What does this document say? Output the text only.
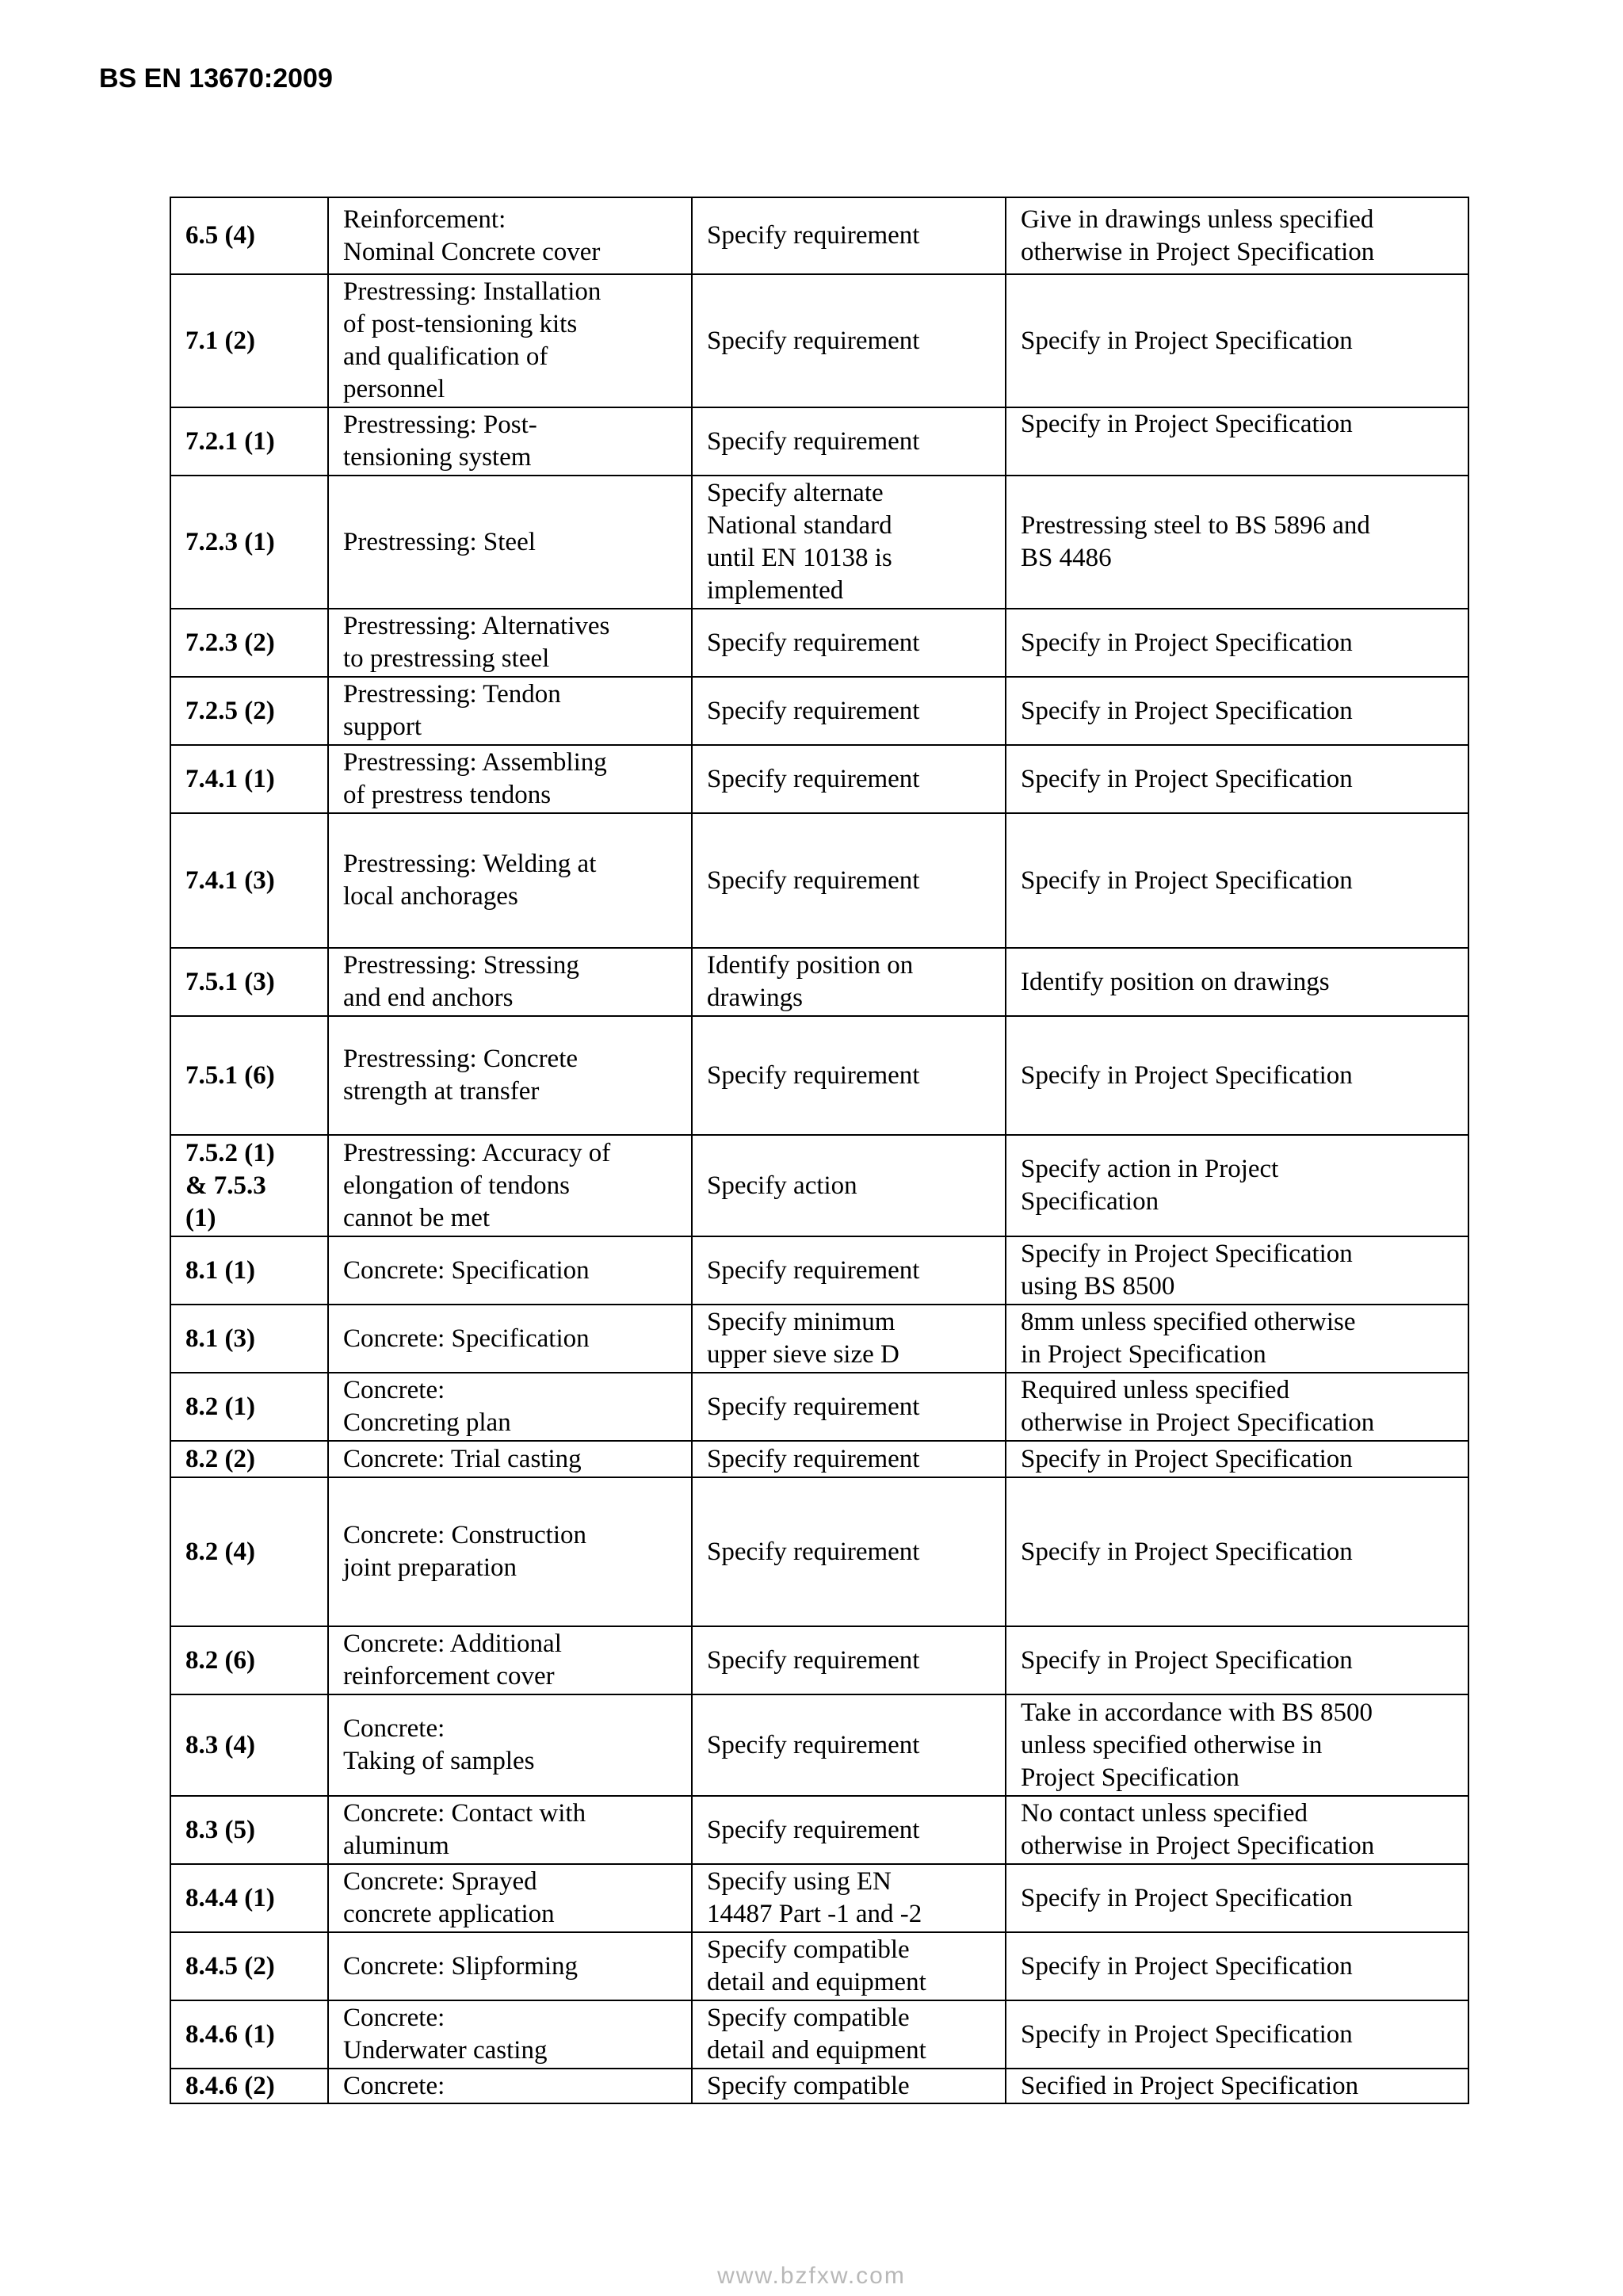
BS EN 13670:2009
6.5 (4)	Reinforcement:
Nominal Concrete cover	Specify requirement	Give in drawings unless specified
otherwise in Project Specification

7.1 (2)	Prestressing: Installation
of post-tensioning kits
and qualification of
personnel	Specify requirement	Specify in Project Specification

7.2.1 (1)	Prestressing: Post-
tensioning system	Specify requirement	Specify in Project Specification

7.2.3 (1)	Prestressing: Steel	Specify alternate
National standard
until EN 10138 is
implemented	Prestressing steel to BS 5896 and
BS 4486

7.2.3 (2)	Prestressing: Alternatives
to prestressing steel	Specify requirement	Specify in Project Specification

7.2.5 (2)	Prestressing: Tendon
support	Specify requirement	Specify in Project Specification

7.4.1 (1)	Prestressing: Assembling
of prestress tendons	Specify requirement	Specify in Project Specification

7.4.1 (3)	Prestressing: Welding at
local anchorages	Specify requirement	Specify in Project Specification

7.5.1 (3)	Prestressing: Stressing
and end anchors	Identify position on
drawings	Identify position on drawings

7.5.1 (6)	Prestressing: Concrete
strength at transfer	Specify requirement	Specify in Project Specification

7.5.2 (1)
& 7.5.3
(1)	Prestressing: Accuracy of
elongation of tendons
cannot be met	Specify action	Specify action in Project
Specification

8.1 (1)	Concrete: Specification	Specify requirement	Specify in Project Specification
using BS 8500

8.1 (3)	Concrete: Specification	Specify minimum
upper sieve size D	8mm unless specified otherwise
in Project Specification

8.2 (1)	Concrete:
Concreting plan	Specify requirement	Required unless specified
otherwise in Project Specification

8.2 (2)	Concrete: Trial casting	Specify requirement	Specify in Project Specification

8.2 (4)	Concrete: Construction
joint preparation	Specify requirement	Specify in Project Specification

8.2 (6)	Concrete: Additional
reinforcement cover	Specify requirement	Specify in Project Specification

8.3 (4)	Concrete:
Taking of samples	Specify requirement	Take in accordance with BS 8500
unless specified otherwise in
Project Specification

8.3 (5)	Concrete: Contact with
aluminum	Specify requirement	No contact unless specified
otherwise in Project Specification

8.4.4 (1)	Concrete: Sprayed
concrete application	Specify using EN
14487 Part -1 and -2	Specify in Project Specification

8.4.5 (2)	Concrete: Slipforming	Specify compatible
detail and equipment	Specify in Project Specification

8.4.6 (1)	Concrete:
Underwater casting	Specify compatible
detail and equipment	Specify in Project Specification

8.4.6 (2)	Concrete:	Specify compatible	Secified in Project Specification
www.bzfxw.com
